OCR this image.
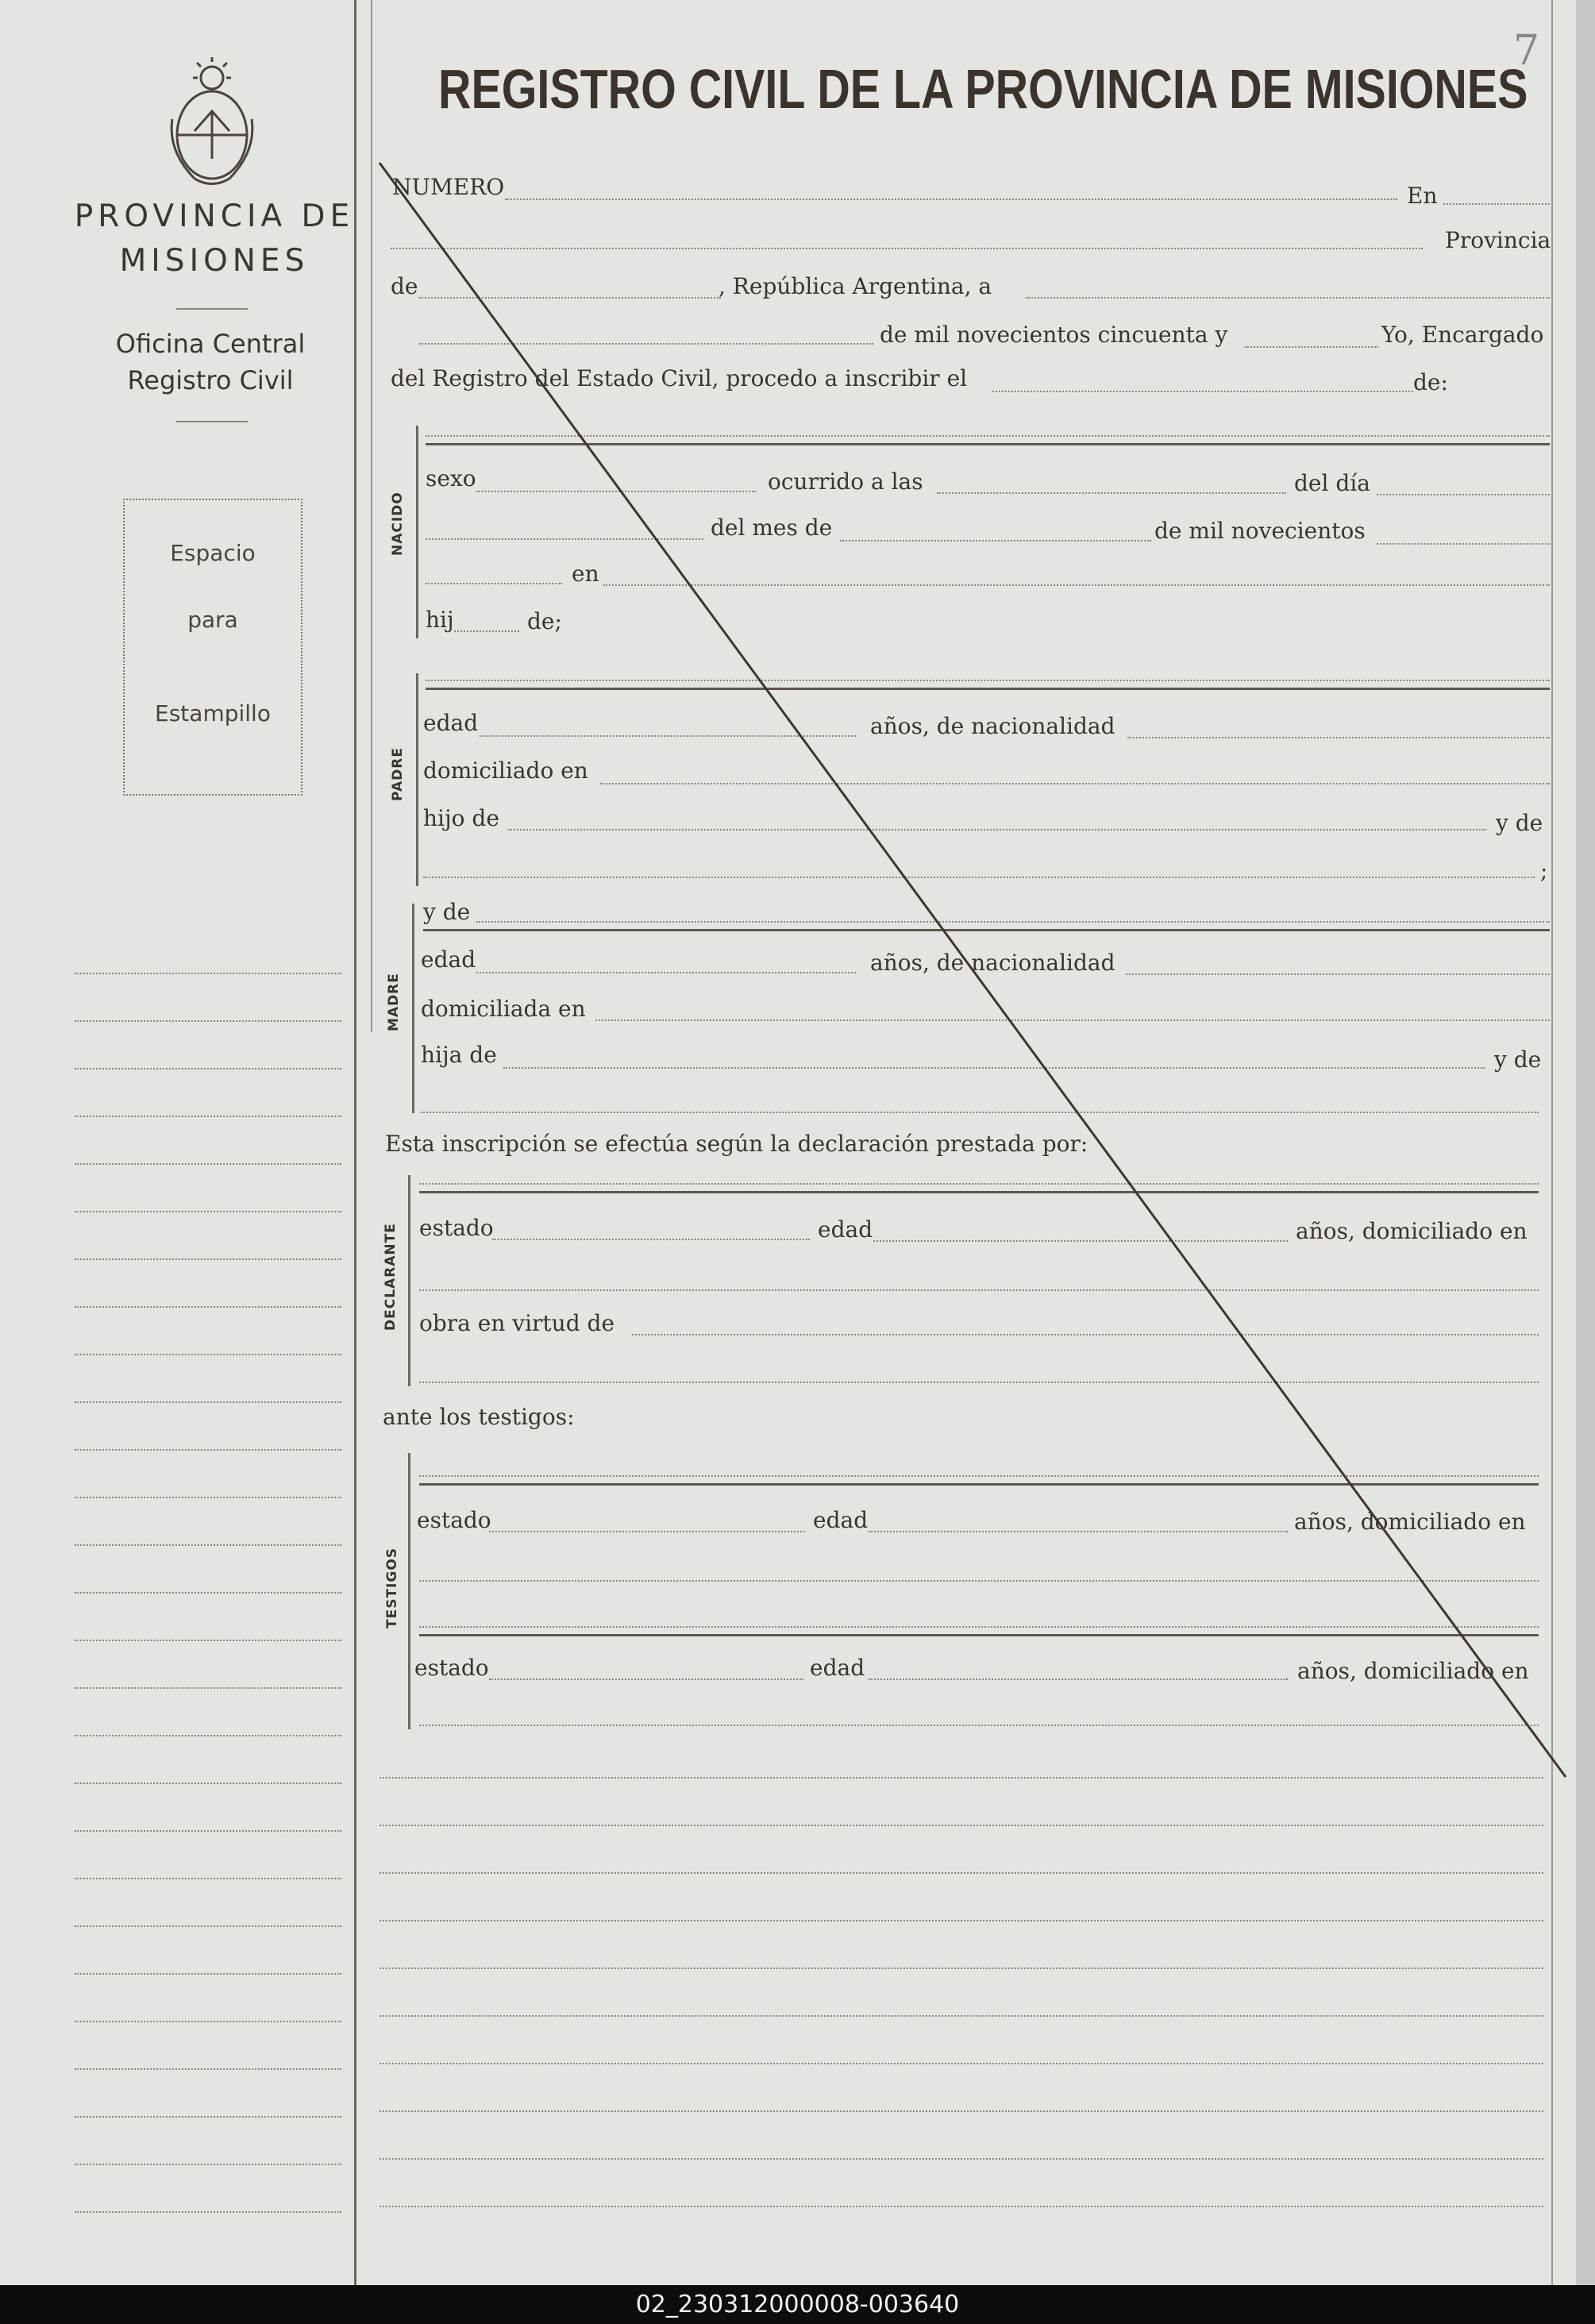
PROVINCIA DE MISIONES
Oficina Central
Registro Civil
Espacio
para
Estampillo
REGISTRO CIVIL DE LA PROVINCIA DE MISIONES
7
NUMERO	En
Provincia
de	, República Argentina, a
de mil novecientos cincuenta y	Yo, Encargado
del Registro del Estado Civil, procedo a inscribir el	de:
NACIDO
sexo	ocurrido a las	del día
del mes de	de mil novecientos
en
hij	de;
PADRE
edad	años, de nacionalidad
domiciliado en
hijo de	y de
;
MADRE
y de
edad	años, de nacionalidad
domiciliada en
hija de	y de
Esta inscripción se efectúa según la declaración prestada por:
DECLARANTE estado	edad	años, domiciliado en
obra en virtud de
ante los testigos:
TESTIGOS
estado	edad	años, domiciliado en
estado	edad	años, domiciliado en
02_230312000008-003640
